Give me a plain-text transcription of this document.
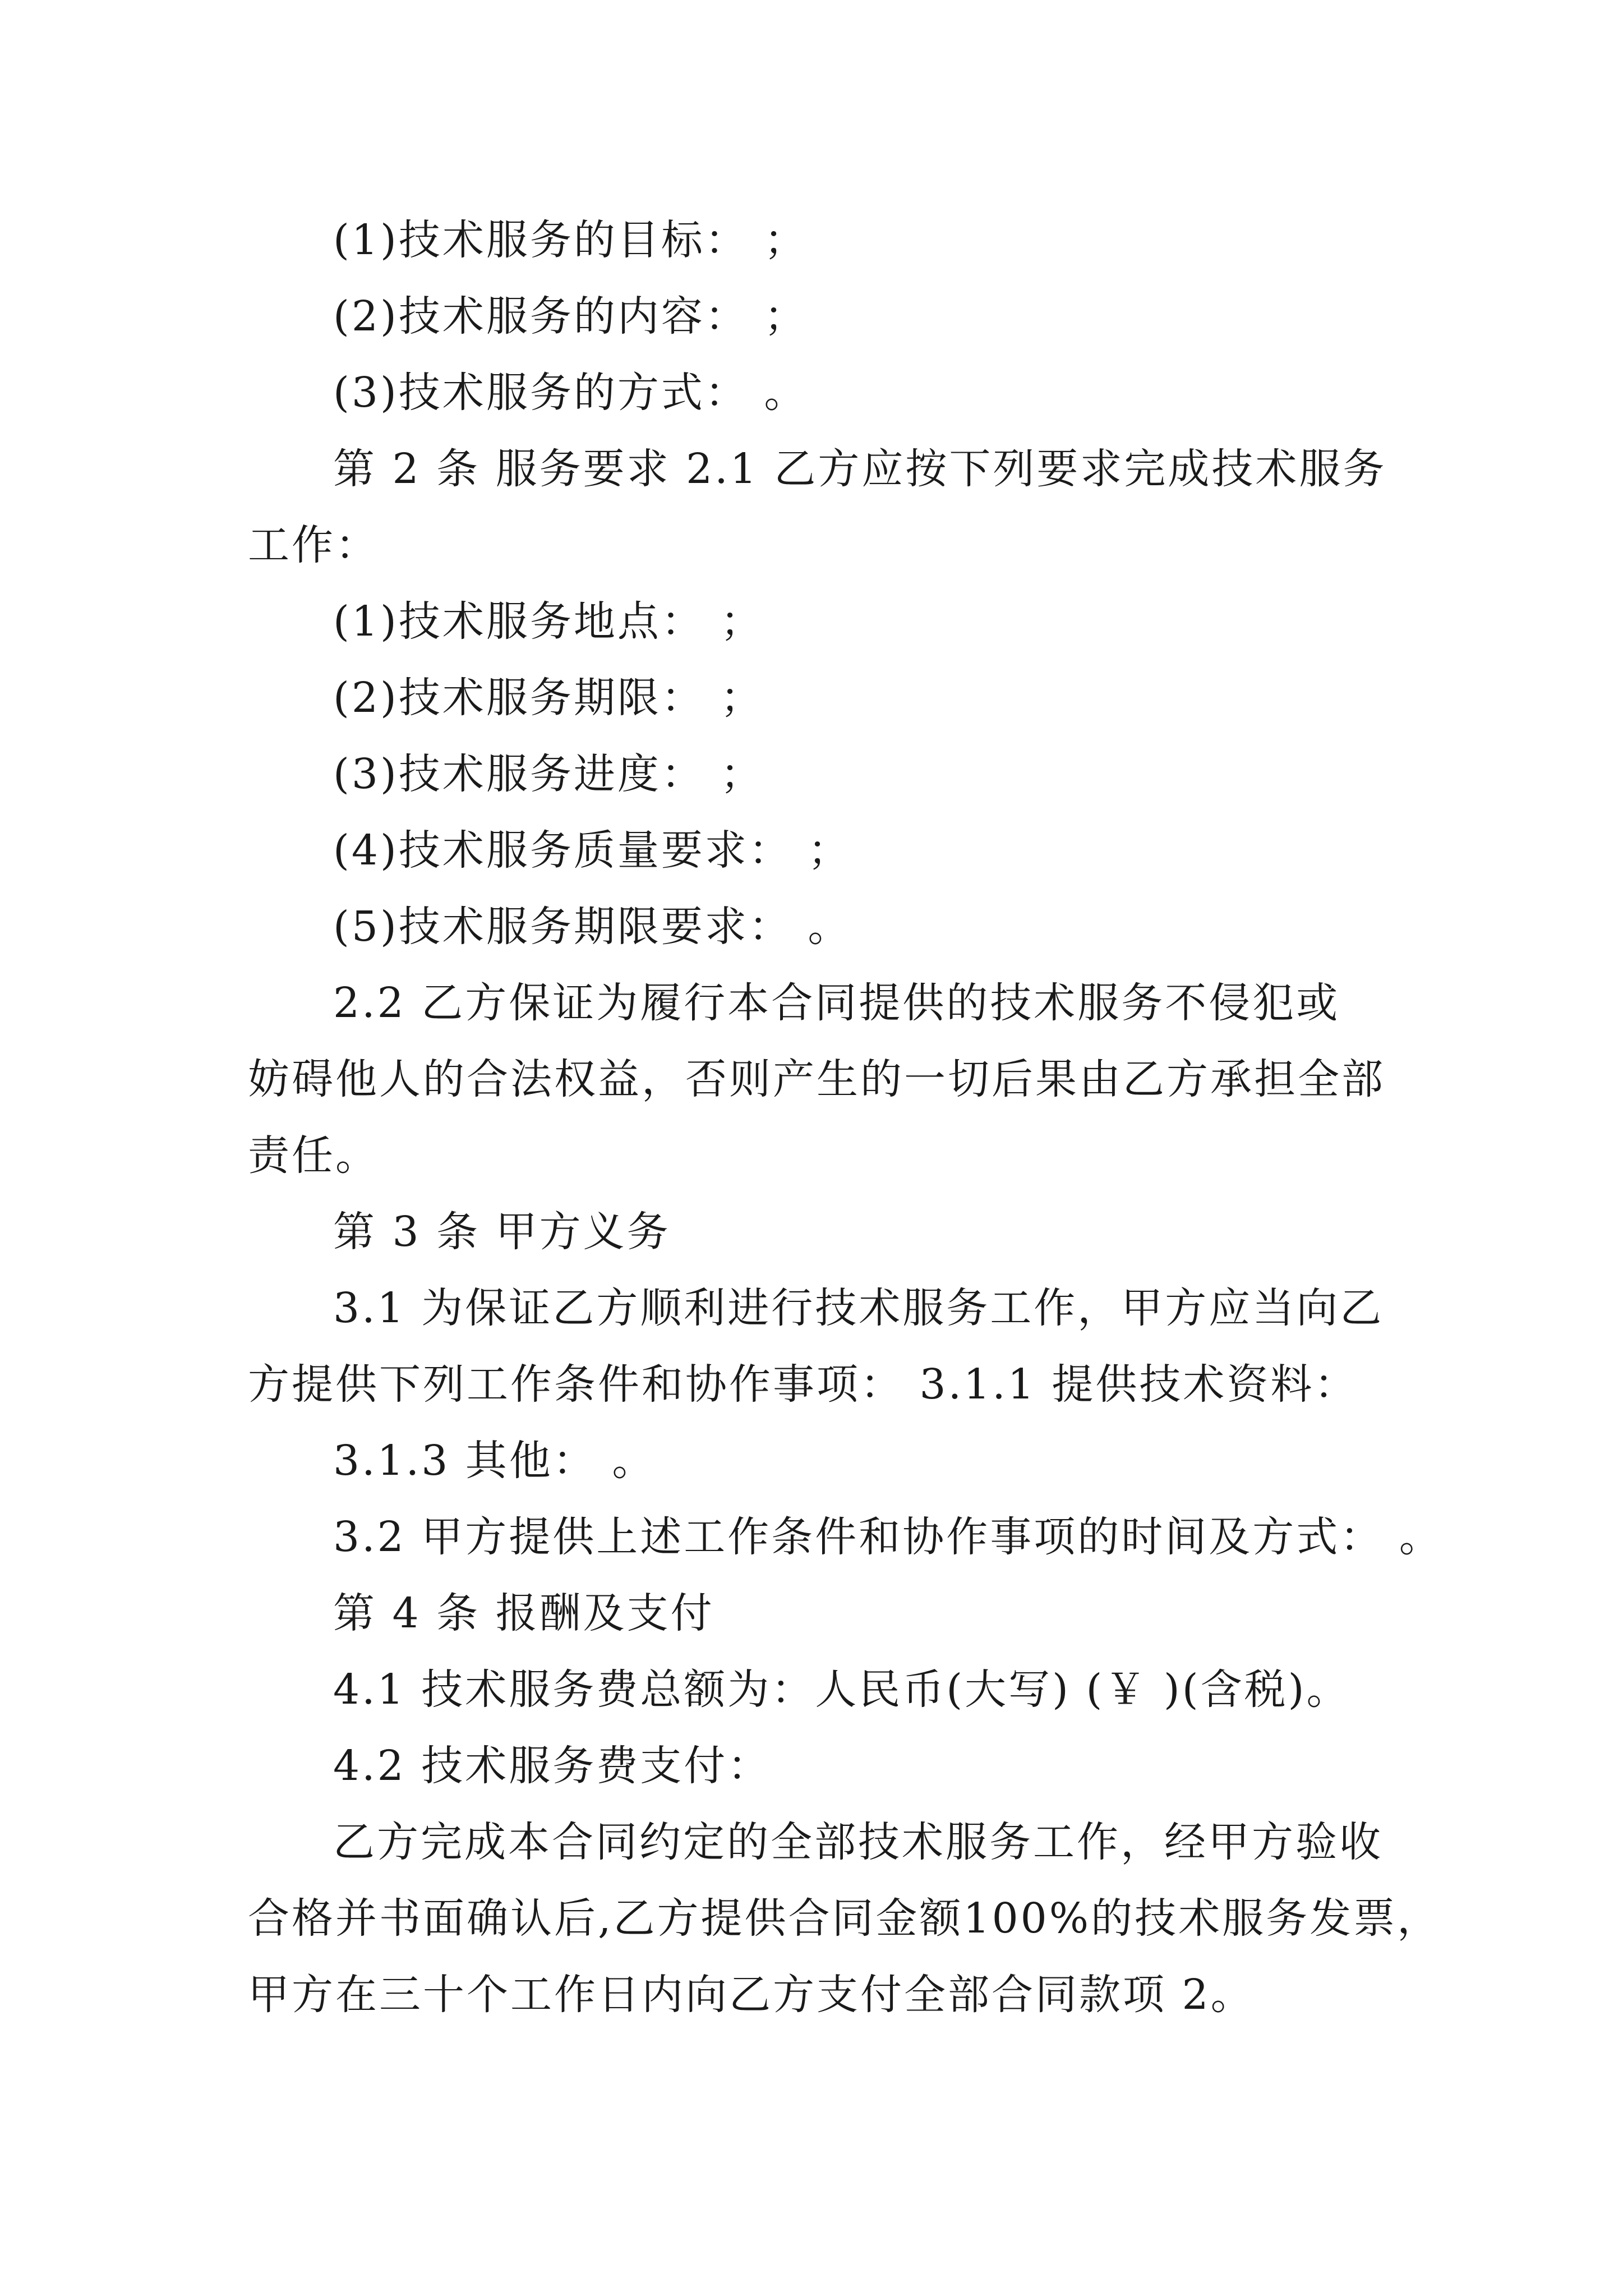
(1)技术服务的目标： ；
(2)技术服务的内容： ；
(3)技术服务的方式： 。
第 2 条 服务要求 2.1 乙方应按下列要求完成技术服务
工作：
(1)技术服务地点： ；
(2)技术服务期限： ；
(3)技术服务进度： ；
(4)技术服务质量要求： ；
(5)技术服务期限要求： 。
2.2 乙方保证为履行本合同提供的技术服务不侵犯或
妨碍他人的合法权益，否则产生的一切后果由乙方承担全部
责任。
第 3 条 甲方义务
3.1 为保证乙方顺利进行技术服务工作，甲方应当向乙
方提供下列工作条件和协作事项： 3.1.1 提供技术资料：
3.1.3 其他： 。
3.2 甲方提供上述工作条件和协作事项的时间及方式： 。
第 4 条 报酬及支付
4.1 技术服务费总额为：人民币(大写) (￥ )(含税)。
4.2 技术服务费支付：
乙方完成本合同约定的全部技术服务工作，经甲方验收
合格并书面确认后,乙方提供合同金额100%的技术服务发票，
甲方在三十个工作日内向乙方支付全部合同款项 2。
